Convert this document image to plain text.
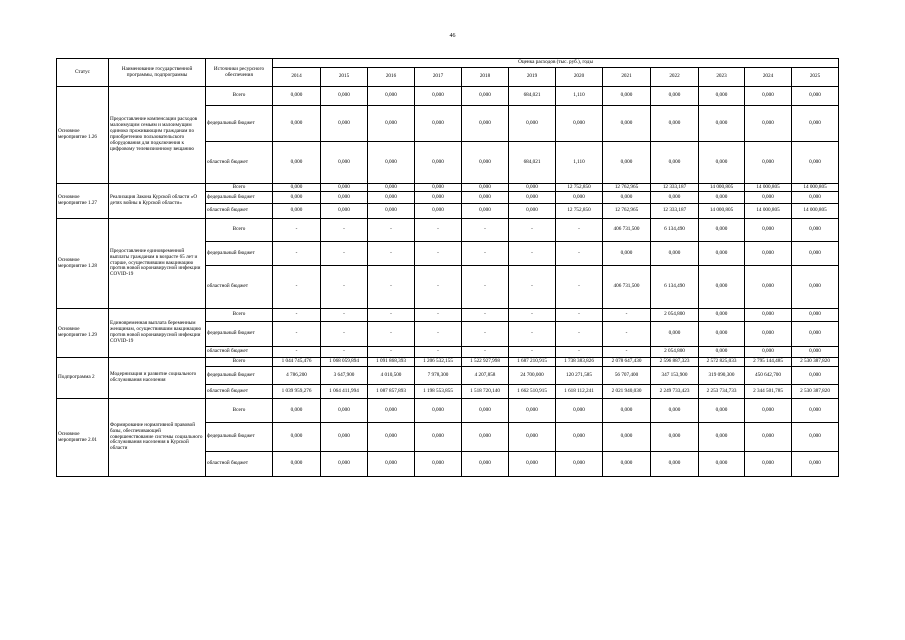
46
Статус	Наименование государственной программы, подпрограммы	Источники ресурсного обеспечения	Оценка расходов (тыс. руб.), годы											
			2014	2015	2016	2017	2018	2019	2020	2021	2022	2023	2024	2025
Основное мероприятие 1.26	Предоставление компенсации расходов малоимущим семьям и малоимущим одиноко проживающим гражданам по приобретению пользовательского оборудования для подключения к цифровому телевизионному вещанию	Всего	0,000	0,000	0,000	0,000	0,000	684,021	1,110	0,000	0,000	0,000	0,000	0,000
		федеральный бюджет	0,000	0,000	0,000	0,000	0,000	0,000	0,000	0,000	0,000	0,000	0,000	0,000
		областной бюджет	0,000	0,000	0,000	0,000	0,000	684,021	1,110	0,000	0,000	0,000	0,000	0,000
Основное мероприятие 1.27	Реализация Закона Курской области «О детях войны в Курской области»	Всего	0,000	0,000	0,000	0,000	0,000	0,000	12 752,850	12 762,965	12 333,187	14 000,805	14 000,805	14 000,805
		федеральный бюджет	0,000	0,000	0,000	0,000	0,000	0,000	0,000	0,000	0,000	0,000	0,000	0,000
		областной бюджет	0,000	0,000	0,000	0,000	0,000	0,000	12 752,850	12 762,965	12 333,187	14 000,805	14 000,805	14 000,805
Основное мероприятие 1.28	Предоставление единовременной выплаты гражданам в возрасте 65 лет и старше, осуществившим вакцинацию против новой коронавирусной инфекции COVID-19	Всего	-	-	-	-	-	-	-	406 731,500	6 134,490	0,000	0,000	0,000
		федеральный бюджет	-	-	-	-	-	-	-	0,000	0,000	0,000	0,000	0,000
		областной бюджет	-	-	-	-	-	-	-	406 731,500	6 134,490	0,000	0,000	0,000
Основное мероприятие 1.29	Единовременная выплата беременным женщинам, осуществившим вакцинацию против новой коронавирусной инфекции COVID-19	Всего	-	-	-	-	-	-	-	-	2 054,800	0,000	0,000	0,000
		федеральный бюджет	-	-	-	-	-	-	-	-	0,000	0,000	0,000	0,000
		областной бюджет	-	-	-	-	-	-	-	-	2 054,800	0,000	0,000	0,000
Подпрограмма 2	Модернизация и развитие социального обслуживания населения	Всего	1 044 745,476	1 068 059,894	1 091 868,393	1 206 532,155	1 522 927,998	1 687 210,915	1 738 383,826	2 078 647,430	2 596 887,323	2 572 825,033	2 795 144,485	2 530 387,820
		федеральный бюджет	4 786,200	3 647,900	4 010,500	7 978,300	4 207,858	24 700,000	120 271,585	56 707,400	347 153,900	319 090,300	450 642,700	0,000
		областной бюджет	1 039 959,276	1 064 411,994	1 087 857,893	1 198 553,855	1 518 720,140	1 662 510,915	1 618 112,241	2 021 940,030	2 249 733,423	2 253 734,733	2 344 501,785	2 530 387,820
Основное мероприятие 2.01	Формирование нормативной правовой базы, обеспечивающей совершенствование системы социального обслуживания населения в Курской области	Всего	0,000	0,000	0,000	0,000	0,000	0,000	0,000	0,000	0,000	0,000	0,000	0,000
		федеральный бюджет	0,000	0,000	0,000	0,000	0,000	0,000	0,000	0,000	0,000	0,000	0,000	0,000
		областной бюджет	0,000	0,000	0,000	0,000	0,000	0,000	0,000	0,000	0,000	0,000	0,000	0,000
